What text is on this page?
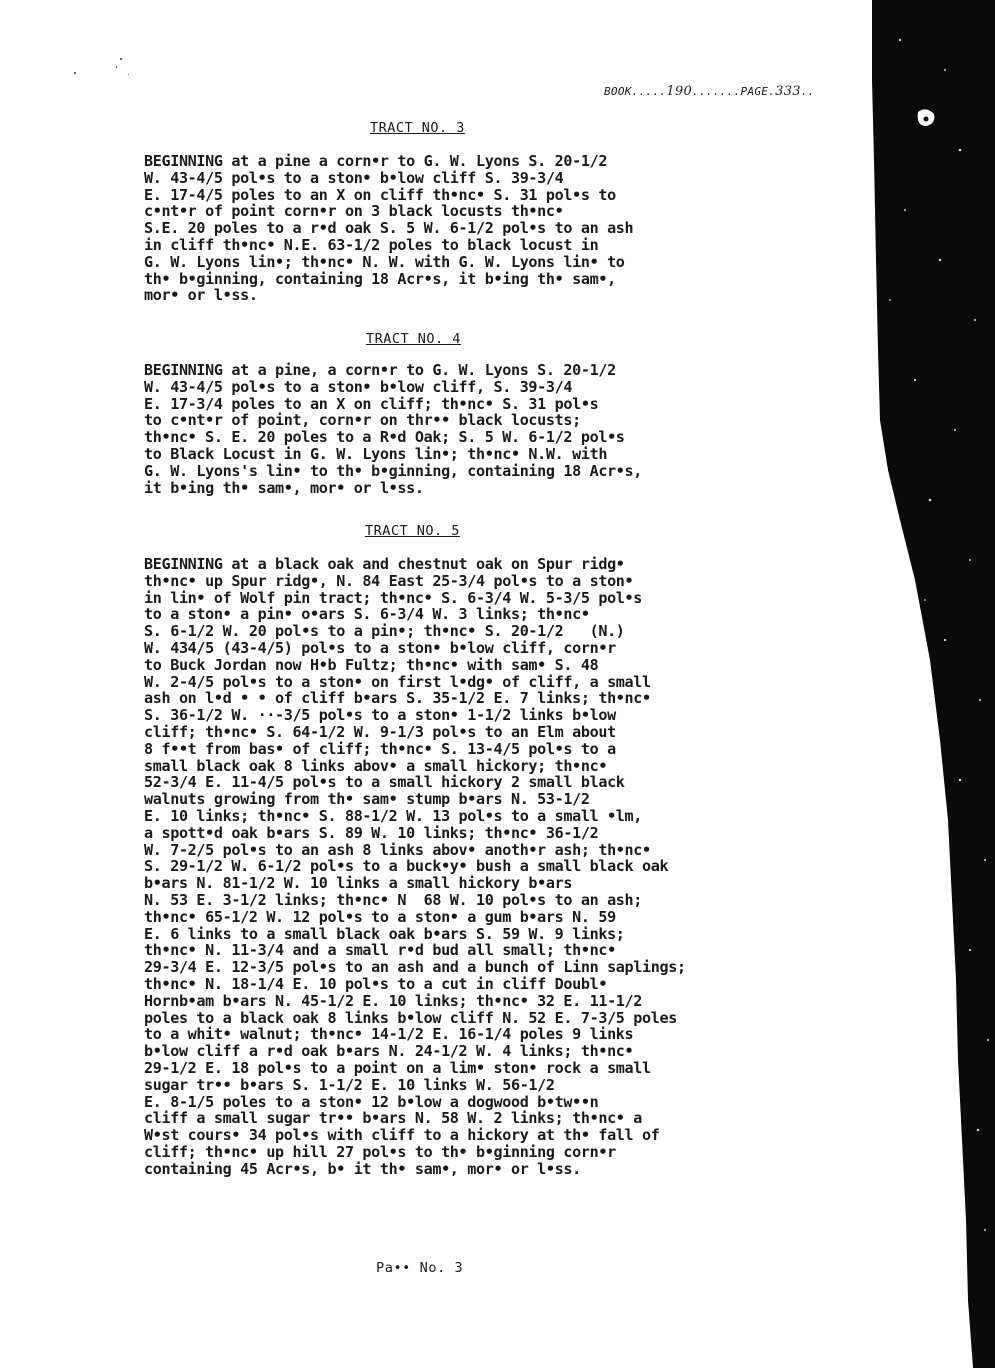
BOOK.....190.......PAGE.333..
TRACT NO. 3
BEGINNING at a pine a corn•r to G. W. Lyons S. 20-1/2
W. 43-4/5 pol•s to a ston• b•low cliff S. 39-3/4
E. 17-4/5 poles to an X on cliff th•nc• S. 31 pol•s to
c•nt•r of point corn•r on 3 black locusts th•nc•
S.E. 20 poles to a r•d oak S. 5 W. 6-1/2 pol•s to an ash
in cliff th•nc• N.E. 63-1/2 poles to black locust in
G. W. Lyons lin•; th•nc• N. W. with G. W. Lyons lin• to
th• b•ginning, containing 18 Acr•s, it b•ing th• sam•,
mor• or l•ss.
TRACT NO. 4
BEGINNING at a pine, a corn•r to G. W. Lyons S. 20-1/2
W. 43-4/5 pol•s to a ston• b•low cliff, S. 39-3/4
E. 17-3/4 poles to an X on cliff; th•nc• S. 31 pol•s
to c•nt•r of point, corn•r on thr•• black locusts;
th•nc• S. E. 20 poles to a R•d Oak; S. 5 W. 6-1/2 pol•s
to Black Locust in G. W. Lyons lin•; th•nc• N.W. with
G. W. Lyons's lin• to th• b•ginning, containing 18 Acr•s,
it b•ing th• sam•, mor• or l•ss.
TRACT NO. 5
BEGINNING at a black oak and chestnut oak on Spur ridg•
th•nc• up Spur ridg•, N. 84 East 25-3/4 pol•s to a ston•
in lin• of Wolf pin tract; th•nc• S. 6-3/4 W. 5-3/5 pol•s
to a ston• a pin• o•ars S. 6-3/4 W. 3 links; th•nc•
S. 6-1/2 W. 20 pol•s to a pin•; th•nc• S. 20-1/2   (N.)
W. 434/5 (43-4/5) pol•s to a ston• b•low cliff, corn•r
to Buck Jordan now H•b Fultz; th•nc• with sam• S. 48
W. 2-4/5 pol•s to a ston• on first l•dg• of cliff, a small
ash on l•d • • of cliff b•ars S. 35-1/2 E. 7 links; th•nc•
S. 36-1/2 W. ··-3/5 pol•s to a ston• 1-1/2 links b•low
cliff; th•nc• S. 64-1/2 W. 9-1/3 pol•s to an Elm about
8 f••t from bas• of cliff; th•nc• S. 13-4/5 pol•s to a
small black oak 8 links abov• a small hickory; th•nc•
52-3/4 E. 11-4/5 pol•s to a small hickory 2 small black
walnuts growing from th• sam• stump b•ars N. 53-1/2
E. 10 links; th•nc• S. 88-1/2 W. 13 pol•s to a small •lm,
a spott•d oak b•ars S. 89 W. 10 links; th•nc• 36-1/2
W. 7-2/5 pol•s to an ash 8 links abov• anoth•r ash; th•nc•
S. 29-1/2 W. 6-1/2 pol•s to a buck•y• bush a small black oak
b•ars N. 81-1/2 W. 10 links a small hickory b•ars
N. 53 E. 3-1/2 links; th•nc• N  68 W. 10 pol•s to an ash;
th•nc• 65-1/2 W. 12 pol•s to a ston• a gum b•ars N. 59
E. 6 links to a small black oak b•ars S. 59 W. 9 links;
th•nc• N. 11-3/4 and a small r•d bud all small; th•nc•
29-3/4 E. 12-3/5 pol•s to an ash and a bunch of Linn saplings;
th•nc• N. 18-1/4 E. 10 pol•s to a cut in cliff Doubl•
Hornb•am b•ars N. 45-1/2 E. 10 links; th•nc• 32 E. 11-1/2
poles to a black oak 8 links b•low cliff N. 52 E. 7-3/5 poles
to a whit• walnut; th•nc• 14-1/2 E. 16-1/4 poles 9 links
b•low cliff a r•d oak b•ars N. 24-1/2 W. 4 links; th•nc•
29-1/2 E. 18 pol•s to a point on a lim• ston• rock a small
sugar tr•• b•ars S. 1-1/2 E. 10 links W. 56-1/2
E. 8-1/5 poles to a ston• 12 b•low a dogwood b•tw••n
cliff a small sugar tr•• b•ars N. 58 W. 2 links; th•nc• a
W•st cours• 34 pol•s with cliff to a hickory at th• fall of
cliff; th•nc• up hill 27 pol•s to th• b•ginning corn•r
containing 45 Acr•s, b• it th• sam•, mor• or l•ss.
Pa•• No. 3
